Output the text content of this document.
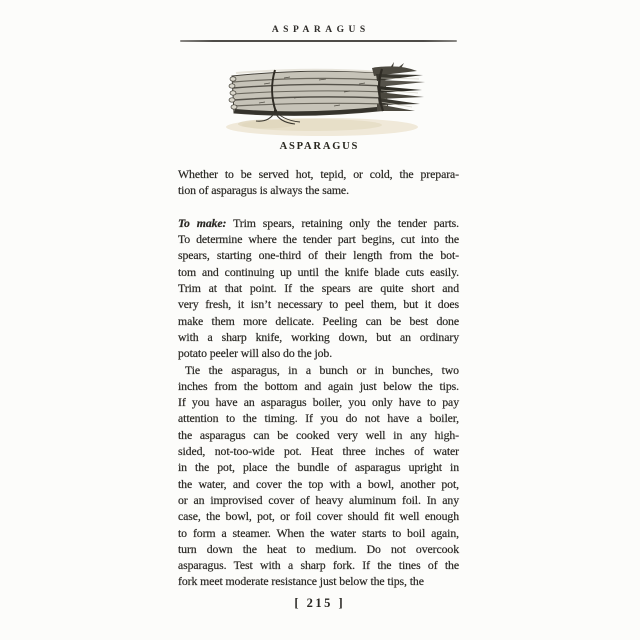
ASPARAGUS
ASPARAGUS
Whether to be served hot, tepid, or cold, the prepara-
tion of asparagus is always the same.
To make: Trim spears, retaining only the tender parts.
To determine where the tender part begins, cut into the
spears, starting one-third of their length from the bot-
tom and continuing up until the knife blade cuts easily.
Trim at that point. If the spears are quite short and
very fresh, it isn’t necessary to peel them, but it does
make them more delicate. Peeling can be best done
with a sharp knife, working down, but an ordinary
potato peeler will also do the job.
Tie the asparagus, in a bunch or in bunches, two
inches from the bottom and again just below the tips.
If you have an asparagus boiler, you only have to pay
attention to the timing. If you do not have a boiler,
the asparagus can be cooked very well in any high-
sided, not-too-wide pot. Heat three inches of water
in the pot, place the bundle of asparagus upright in
the water, and cover the top with a bowl, another pot,
or an improvised cover of heavy aluminum foil. In any
case, the bowl, pot, or foil cover should fit well enough
to form a steamer. When the water starts to boil again,
turn down the heat to medium. Do not overcook
asparagus. Test with a sharp fork. If the tines of the
fork meet moderate resistance just below the tips, the
[ 215 ]
